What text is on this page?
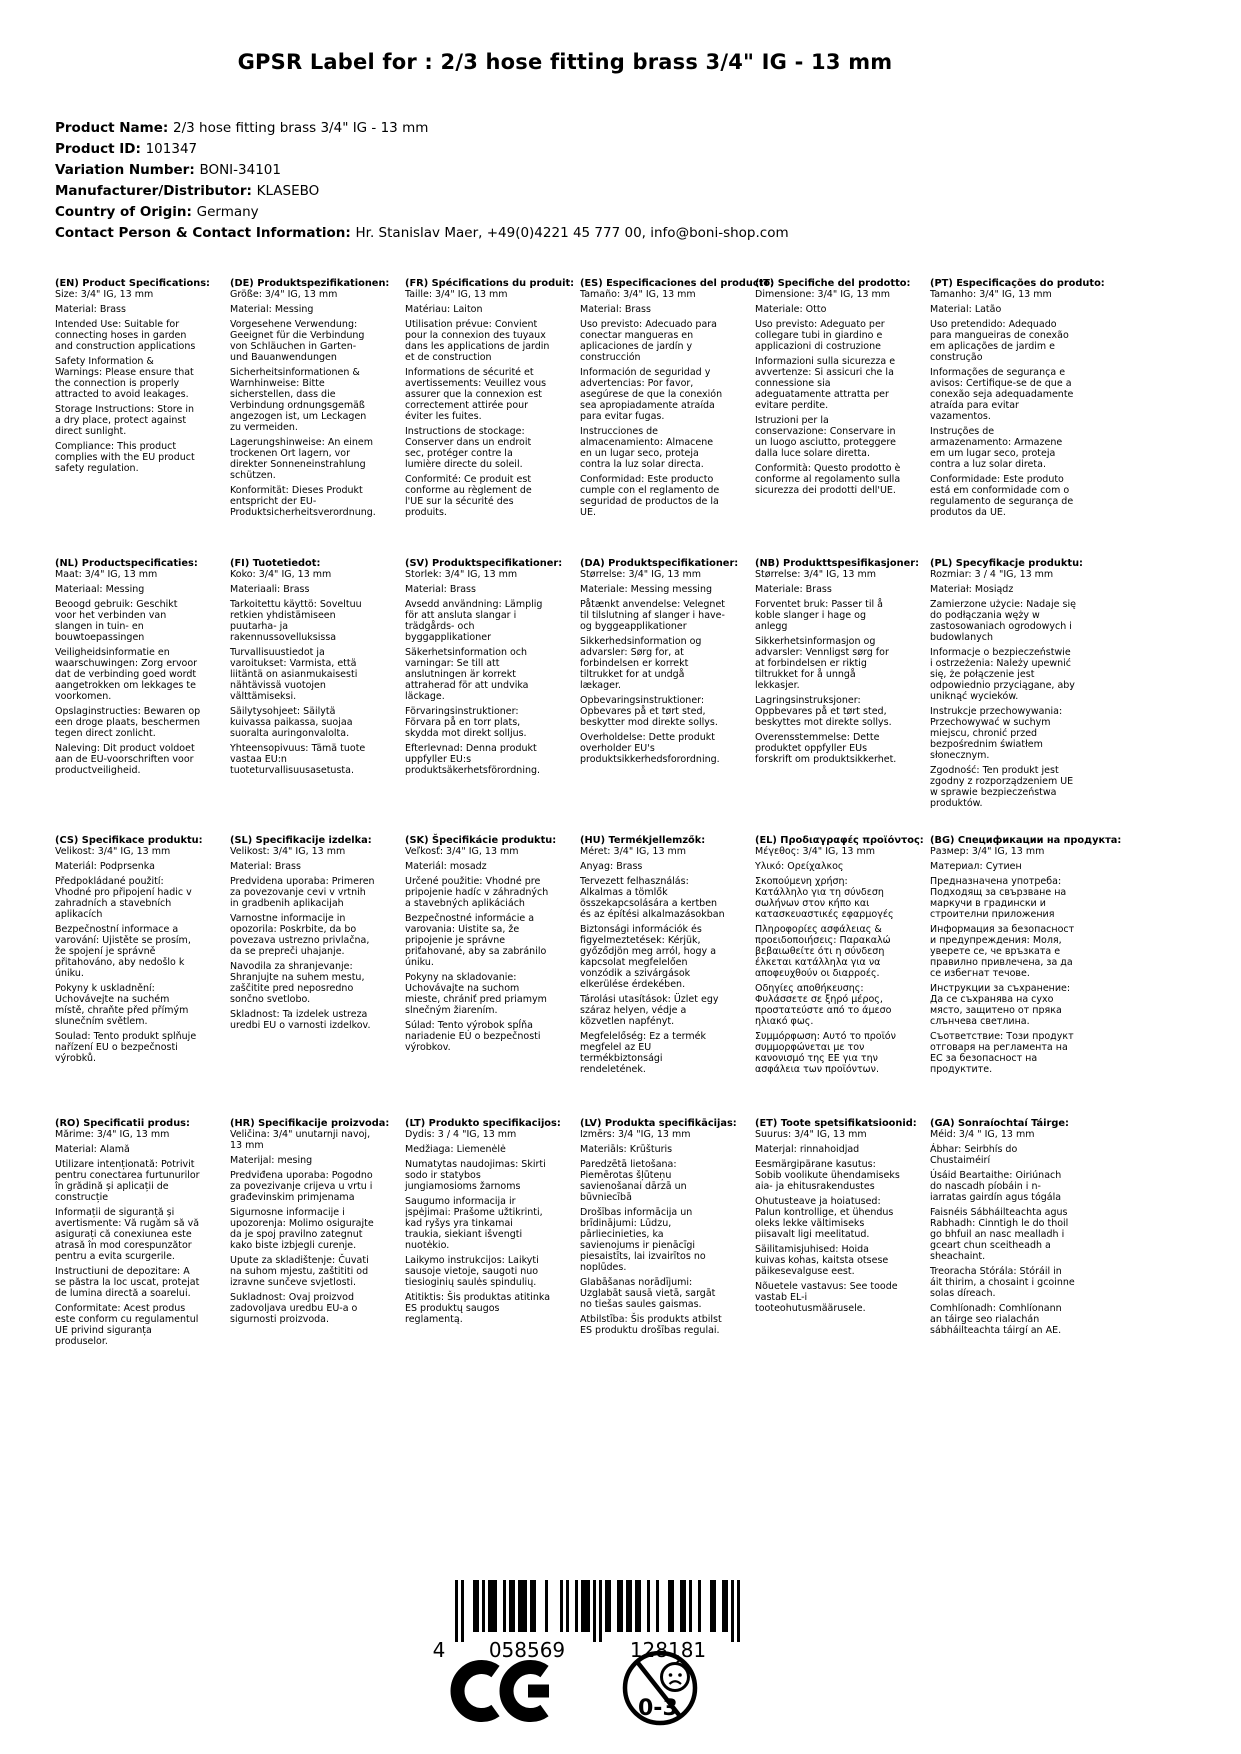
GPSR Label for : 2/3 hose fitting brass 3/4" IG - 13 mm
Product Name: 2/3 hose fitting brass 3/4" IG - 13 mm
Product ID: 101347
Variation Number: BONI-34101
Manufacturer/Distributor: KLASEBO
Country of Origin: Germany
Contact Person & Contact Information: Hr. Stanislav Maer, +49(0)4221 45 777 00, info@boni-shop.com
(EN) Product Specifications:
Size: 3/4" IG, 13 mm
Material: Brass
Intended Use: Suitable for connecting hoses in garden and construction applications
Safety Information & Warnings: Please ensure that the connection is properly attracted to avoid leakages.
Storage Instructions: Store in a dry place, protect against direct sunlight.
Compliance: This product complies with the EU product safety regulation.
(DE) Produktspezifikationen:
Größe: 3/4" IG, 13 mm
Material: Messing
Vorgesehene Verwendung: Geeignet für die Verbindung von Schläuchen in Garten- und Bauanwendungen
Sicherheitsinformationen & Warnhinweise: Bitte sicherstellen, dass die Verbindung ordnungsgemäß angezogen ist, um Leckagen zu vermeiden.
Lagerungshinweise: An einem trockenen Ort lagern, vor direkter Sonneneinstrahlung schützen.
Konformität: Dieses Produkt entspricht der EU-Produktsicherheitsverordnung.
(FR) Spécifications du produit:
Taille: 3/4" IG, 13 mm
Matériau: Laiton
Utilisation prévue: Convient pour la connexion des tuyaux dans les applications de jardin et de construction
Informations de sécurité et avertissements: Veuillez vous assurer que la connexion est correctement attirée pour éviter les fuites.
Instructions de stockage: Conserver dans un endroit sec, protéger contre la lumière directe du soleil.
Conformité: Ce produit est conforme au règlement de l'UE sur la sécurité des produits.
(ES) Especificaciones del producto:
Tamaño: 3/4" IG, 13 mm
Material: Brass
Uso previsto: Adecuado para conectar mangueras en aplicaciones de jardín y construcción
Información de seguridad y advertencias: Por favor, asegúrese de que la conexión sea apropiadamente atraída para evitar fugas.
Instrucciones de almacenamiento: Almacene en un lugar seco, proteja contra la luz solar directa.
Conformidad: Este producto cumple con el reglamento de seguridad de productos de la UE.
(IT) Specifiche del prodotto:
Dimensione: 3/4" IG, 13 mm
Materiale: Otto
Uso previsto: Adeguato per collegare tubi in giardino e applicazioni di costruzione
Informazioni sulla sicurezza e avvertenze: Si assicuri che la connessione sia adeguatamente attratta per evitare perdite.
Istruzioni per la conservazione: Conservare in un luogo asciutto, proteggere dalla luce solare diretta.
Conformità: Questo prodotto è conforme al regolamento sulla sicurezza dei prodotti dell'UE.
(PT) Especificações do produto:
Tamanho: 3/4" IG, 13 mm
Material: Latão
Uso pretendido: Adequado para mangueiras de conexão em aplicações de jardim e construção
Informações de segurança e avisos: Certifique-se de que a conexão seja adequadamente atraída para evitar vazamentos.
Instruções de armazenamento: Armazene em um lugar seco, proteja contra a luz solar direta.
Conformidade: Este produto está em conformidade com o regulamento de segurança de produtos da UE.
(NL) Productspecificaties:
Maat: 3/4" IG, 13 mm
Materiaal: Messing
Beoogd gebruik: Geschikt voor het verbinden van slangen in tuin- en bouwtoepassingen
Veiligheidsinformatie en waarschuwingen: Zorg ervoor dat de verbinding goed wordt aangetrokken om lekkages te voorkomen.
Opslaginstructies: Bewaren op een droge plaats, beschermen tegen direct zonlicht.
Naleving: Dit product voldoet aan de EU-voorschriften voor productveiligheid.
(FI) Tuotetiedot:
Koko: 3/4" IG, 13 mm
Materiaali: Brass
Tarkoitettu käyttö: Soveltuu retkien yhdistämiseen puutarha- ja rakennussovelluksissa
Turvallisuustiedot ja varoitukset: Varmista, että liitäntä on asianmukaisesti nähtävissä vuotojen välttämiseksi.
Säilytysohjeet: Säilytä kuivassa paikassa, suojaa suoralta auringonvalolta.
Yhteensopivuus: Tämä tuote vastaa EU:n tuoteturvallisuusasetusta.
(SV) Produktspecifikationer:
Storlek: 3/4" IG, 13 mm
Material: Brass
Avsedd användning: Lämplig för att ansluta slangar i trädgårds- och byggapplikationer
Säkerhetsinformation och varningar: Se till att anslutningen är korrekt attraherad för att undvika läckage.
Förvaringsinstruktioner: Förvara på en torr plats, skydda mot direkt solljus.
Efterlevnad: Denna produkt uppfyller EU:s produktsäkerhetsförordning.
(DA) Produktspecifikationer:
Størrelse: 3/4" IG, 13 mm
Materiale: Messing messing
Påtænkt anvendelse: Velegnet til tilslutning af slanger i have- og byggeapplikationer
Sikkerhedsinformation og advarsler: Sørg for, at forbindelsen er korrekt tiltrukket for at undgå lækager.
Opbevaringsinstruktioner: Opbevares på et tørt sted, beskytter mod direkte sollys.
Overholdelse: Dette produkt overholder EU's produktsikkerhedsforordning.
(NB) Produkttspesifikasjoner:
Størrelse: 3/4" IG, 13 mm
Materiale: Brass
Forventet bruk: Passer til å koble slanger i hage og anlegg
Sikkerhetsinformasjon og advarsler: Vennligst sørg for at forbindelsen er riktig tiltrukket for å unngå lekkasjer.
Lagringsinstruksjoner: Oppbevares på et tørt sted, beskyttes mot direkte sollys.
Overensstemmelse: Dette produktet oppfyller EUs forskrift om produktsikkerhet.
(PL) Specyfikacje produktu:
Rozmiar: 3 / 4 "IG, 13 mm
Materiał: Mosiądz
Zamierzone użycie: Nadaje się do podłączania węży w zastosowaniach ogrodowych i budowlanych
Informacje o bezpieczeństwie i ostrzeżenia: Należy upewnić się, że połączenie jest odpowiednio przyciągane, aby uniknąć wycieków.
Instrukcje przechowywania: Przechowywać w suchym miejscu, chronić przed bezpośrednim światłem słonecznym.
Zgodność: Ten produkt jest zgodny z rozporządzeniem UE w sprawie bezpieczeństwa produktów.
(CS) Specifikace produktu:
Velikost: 3/4" IG, 13 mm
Materiál: Podprsenka
Předpokládané použití: Vhodné pro připojení hadic v zahradních a stavebních aplikacích
Bezpečnostní informace a varování: Ujistěte se prosím, že spojení je správně přitahováno, aby nedošlo k úniku.
Pokyny k uskladnění: Uchovávejte na suchém místě, chraňte před přímým slunečním světlem.
Soulad: Tento produkt splňuje nařízení EU o bezpečnosti výrobků.
(SL) Specifikacije izdelka:
Velikost: 3/4" IG, 13 mm
Material: Brass
Predvidena uporaba: Primeren za povezovanje cevi v vrtnih in gradbenih aplikacijah
Varnostne informacije in opozorila: Poskrbite, da bo povezava ustrezno privlačna, da se prepreči uhajanje.
Navodila za shranjevanje: Shranjujte na suhem mestu, zaščitite pred neposredno sončno svetlobo.
Skladnost: Ta izdelek ustreza uredbi EU o varnosti izdelkov.
(SK) Špecifikácie produktu:
Veľkosť: 3/4" IG, 13 mm
Materiál: mosadz
Určené použitie: Vhodné pre pripojenie hadíc v záhradných a stavebných aplikáciách
Bezpečnostné informácie a varovania: Uistite sa, že pripojenie je správne priťahované, aby sa zabránilo úniku.
Pokyny na skladovanie: Uchovávajte na suchom mieste, chrániť pred priamym slnečným žiarením.
Súlad: Tento výrobok spĺňa nariadenie EÚ o bezpečnosti výrobkov.
(HU) Termékjellemzők:
Méret: 3/4" IG, 13 mm
Anyag: Brass
Tervezett felhasználás: Alkalmas a tömlők összekapcsolására a kertben és az építési alkalmazásokban
Biztonsági információk és figyelmeztetések: Kérjük, győződjön meg arról, hogy a kapcsolat megfelelően vonzódik a szivárgások elkerülése érdekében.
Tárolási utasítások: Üzlet egy száraz helyen, védje a közvetlen napfényt.
Megfelelőség: Ez a termék megfelel az EU termékbiztonsági rendeletének.
(EL) Προδιαγραφές προϊόντος:
Μέγεθος: 3/4" IG, 13 mm
Υλικό: Ορείχαλκος
Σκοπούμενη χρήση: Κατάλληλο για τη σύνδεση σωλήνων στον κήπο και κατασκευαστικές εφαρμογές
Πληροφορίες ασφάλειας & προειδοποιήσεις: Παρακαλώ βεβαιωθείτε ότι η σύνδεση έλκεται κατάλληλα για να αποφευχθούν οι διαρροές.
Οδηγίες αποθήκευσης: Φυλάσσετε σε ξηρό μέρος, προστατεύστε από το άμεσο ηλιακό φως.
Συμμόρφωση: Αυτό το προϊόν συμμορφώνεται με τον κανονισμό της ΕΕ για την ασφάλεια των προϊόντων.
(BG) Спецификации на продукта:
Размер: 3/4" IG, 13 mm
Материал: Сутиен
Предназначена употреба: Подходящ за свързване на маркучи в градински и строителни приложения
Информация за безопасност и предупреждения: Моля, уверете се, че връзката е правилно привлечена, за да се избегнат течове.
Инструкции за съхранение: Да се съхранява на сухо място, защитено от пряка слънчева светлина.
Съответствие: Този продукт отговаря на регламента на ЕС за безопасност на продуктите.
(RO) Specificatii produs:
Mărime: 3/4" IG, 13 mm
Material: Alamă
Utilizare intenționată: Potrivit pentru conectarea furtunurilor în grădină și aplicații de construcție
Informații de siguranță și avertismente: Vă rugăm să vă asigurați că conexiunea este atrasă în mod corespunzător pentru a evita scurgerile.
Instructiuni de depozitare: A se păstra la loc uscat, protejat de lumina directă a soarelui.
Conformitate: Acest produs este conform cu regulamentul UE privind siguranța produselor.
(HR) Specifikacije proizvoda:
Veličina: 3/4" unutarnji navoj, 13 mm
Materijal: mesing
Predviđena uporaba: Pogodno za povezivanje crijeva u vrtu i građevinskim primjenama
Sigurnosne informacije i upozorenja: Molimo osigurajte da je spoj pravilno zategnut kako biste izbjegli curenje.
Upute za skladištenje: Čuvati na suhom mjestu, zaštititi od izravne sunčeve svjetlosti.
Sukladnost: Ovaj proizvod zadovoljava uredbu EU-a o sigurnosti proizvoda.
(LT) Produkto specifikacijos:
Dydis: 3 / 4 "IG, 13 mm
Medžiaga: Liemenėlė
Numatytas naudojimas: Skirti sodo ir statybos jungiamosioms žarnoms
Saugumo informacija ir įspėjimai: Prašome užtikrinti, kad ryšys yra tinkamai traukia, siekiant išvengti nuotėkio.
Laikymo instrukcijos: Laikyti sausoje vietoje, saugoti nuo tiesioginių saulės spindulių.
Atitiktis: Šis produktas atitinka ES produktų saugos reglamentą.
(LV) Produkta specifikācijas:
Izmērs: 3/4 "IG, 13 mm
Materiāls: Krūšturis
Paredzētā lietošana: Piemērotas šļūteņu savienošanai dārzā un būvniecībā
Drošības informācija un brīdinājumi: Lūdzu, pārliecinieties, ka savienojums ir pienācīgi piesaistīts, lai izvairītos no noplūdes.
Glabāšanas norādījumi: Uzglabāt sausā vietā, sargāt no tiešas saules gaismas.
Atbilstība: Šis produkts atbilst ES produktu drošības regulai.
(ET) Toote spetsifikatsioonid:
Suurus: 3/4" IG, 13 mm
Materjal: rinnahoidjad
Eesmärgipärane kasutus: Sobib voolikute ühendamiseks aia- ja ehitusrakendustes
Ohutusteave ja hoiatused: Palun kontrollige, et ühendus oleks lekke vältimiseks piisavalt ligi meelitatud.
Säilitamisjuhised: Hoida kuivas kohas, kaitsta otsese päikesevalguse eest.
Nõuetele vastavus: See toode vastab EL-i tooteohutusmäärusele.
(GA) Sonraíochtaí Táirge:
Méid: 3/4 " IG, 13 mm
Ábhar: Seirbhís do Chustaiméirí
Úsáid Beartaithe: Oiriúnach do nascadh píobáin i n-iarratas gairdín agus tógála
Faisnéis Sábháilteachta agus Rabhadh: Cinntigh le do thoil go bhfuil an nasc mealladh i gceart chun sceitheadh a sheachaint.
Treoracha Stórála: Stóráil in áit thirim, a chosaint i gcoinne solas díreach.
Comhlíonadh: Comhlíonann an táirge seo rialachán sábháilteachta táirgí an AE.
4 058569	128181
0-3
